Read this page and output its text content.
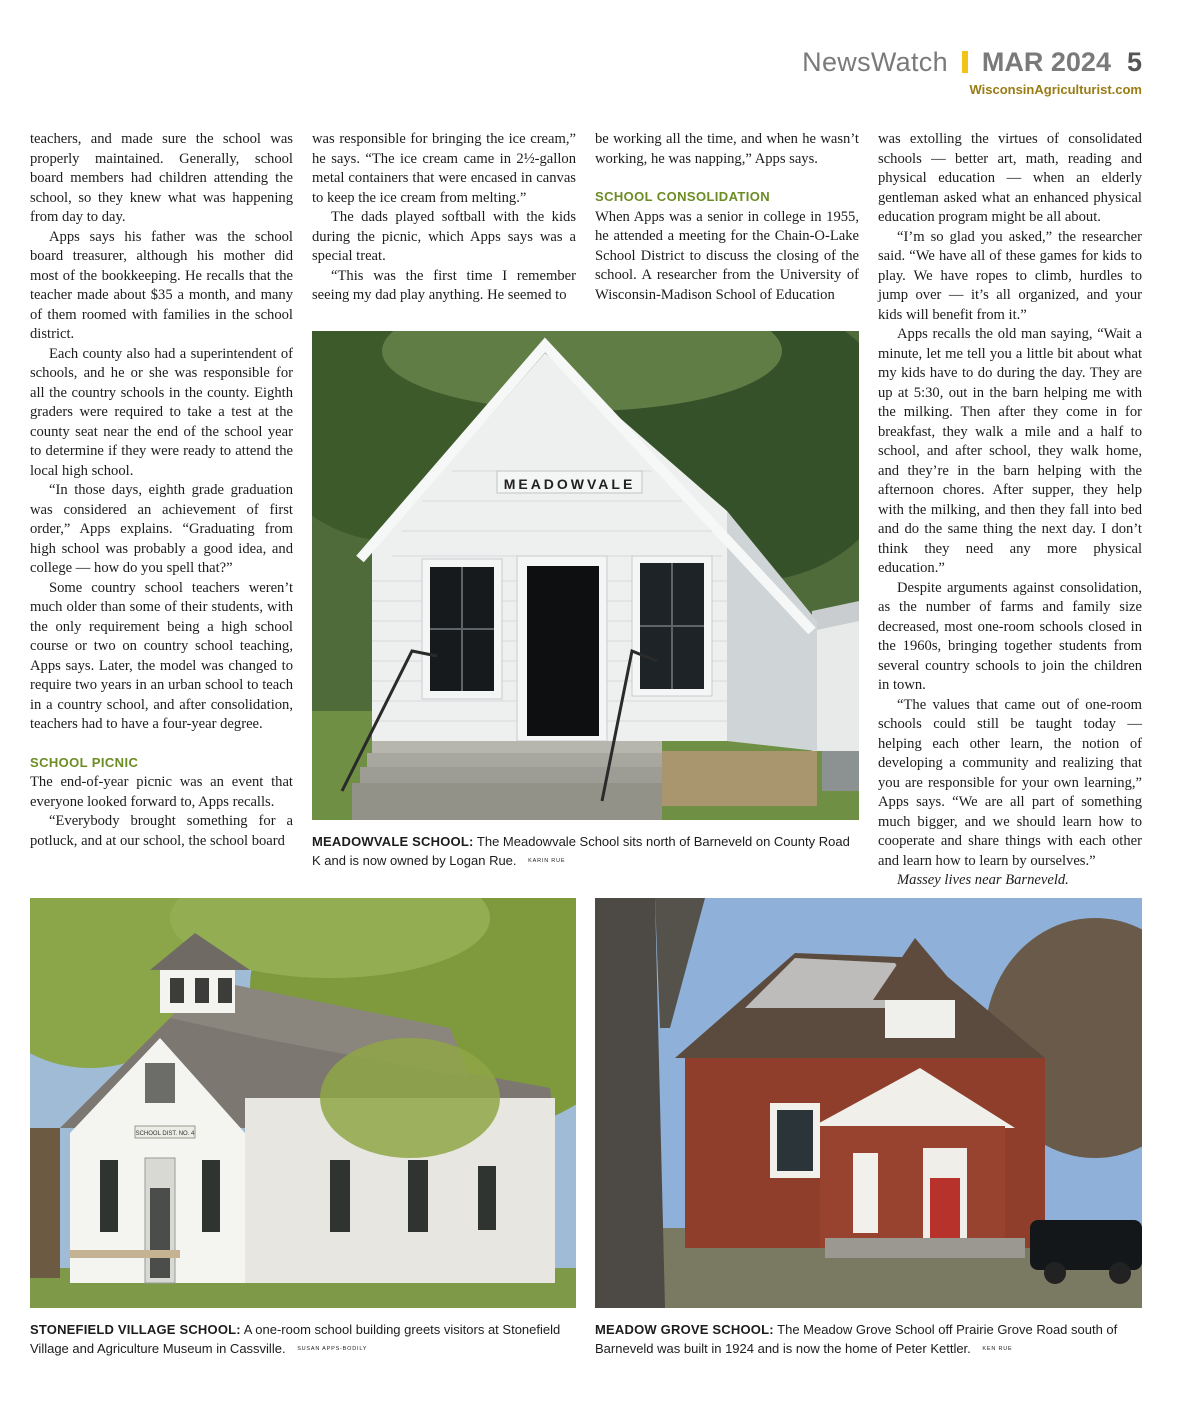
NewsWatch MAR 2024 5
WisconsinAgriculturist.com

teachers, and made sure the school was properly maintained. Generally, school board members had children attending the school, so they knew what was happening from day to day.

Apps says his father was the school board treasurer, although his mother did most of the bookkeeping. He recalls that the teacher made about $35 a month, and many of them roomed with families in the school district.

Each county also had a superintendent of schools, and he or she was responsible for all the country schools in the county. Eighth graders were required to take a test at the county seat near the end of the school year to determine if they were ready to attend the local high school.

“In those days, eighth grade graduation was considered an achievement of first order,” Apps explains. “Graduating from high school was probably a good idea, and college — how do you spell that?”

Some country school teachers weren’t much older than some of their students, with the only requirement being a high school course or two on country school teaching, Apps says. Later, the model was changed to require two years in an urban school to teach in a country school, and after consolidation, teachers had to have a four-year degree.

SCHOOL PICNIC

The end-of-year picnic was an event that everyone looked forward to, Apps recalls.

“Everybody brought something for a potluck, and at our school, the school board

was responsible for bringing the ice cream,” he says. “The ice cream came in 2½-gallon metal containers that were encased in canvas to keep the ice cream from melting.”

The dads played softball with the kids during the picnic, which Apps says was a special treat.

“This was the first time I remember seeing my dad play anything. He seemed to

be working all the time, and when he wasn’t working, he was napping,” Apps says.

SCHOOL CONSOLIDATION

When Apps was a senior in college in 1955, he attended a meeting for the Chain-O-Lake School District to discuss the closing of the school. A researcher from the University of Wisconsin-Madison School of Education

was extolling the virtues of consolidated schools — better art, math, reading and physical education — when an elderly gentleman asked what an enhanced physical education program might be all about.

“I’m so glad you asked,” the researcher said. “We have all of these games for kids to play. We have ropes to climb, hurdles to jump over — it’s all organized, and your kids will benefit from it.”

Apps recalls the old man saying, “Wait a minute, let me tell you a little bit about what my kids have to do during the day. They are up at 5:30, out in the barn helping me with the milking. Then after they come in for breakfast, they walk a mile and a half to school, and after school, they walk home, and they’re in the barn helping with the afternoon chores. After supper, they help with the milking, and then they fall into bed and do the same thing the next day. I don’t think they need any more physical education.”

Despite arguments against consolidation, as the number of farms and family size decreased, most one-room schools closed in the 1960s, bringing together students from several country schools to join the children in town.

“The values that came out of one-room schools could still be taught today — helping each other learn, the notion of developing a community and realizing that you are responsible for your own learning,” Apps says. “We are all part of something much bigger, and we should learn how to cooperate and share things with each other and learn how to learn by ourselves.”

Massey lives near Barneveld.

MEADOWVALE SCHOOL: The Meadowvale School sits north of Barneveld on County Road K and is now owned by Logan Rue. KARIN RUE
SCHOOL DIST. NO. 4
STONEFIELD VILLAGE SCHOOL: A one-room school building greets visitors at Stonefield Village and Agriculture Museum in Cassville. SUSAN APPS-BODILY
MEADOW GROVE SCHOOL: The Meadow Grove School off Prairie Grove Road south of Barneveld was built in 1924 and is now the home of Peter Kettler. KEN RUE
MEADOWVALE
